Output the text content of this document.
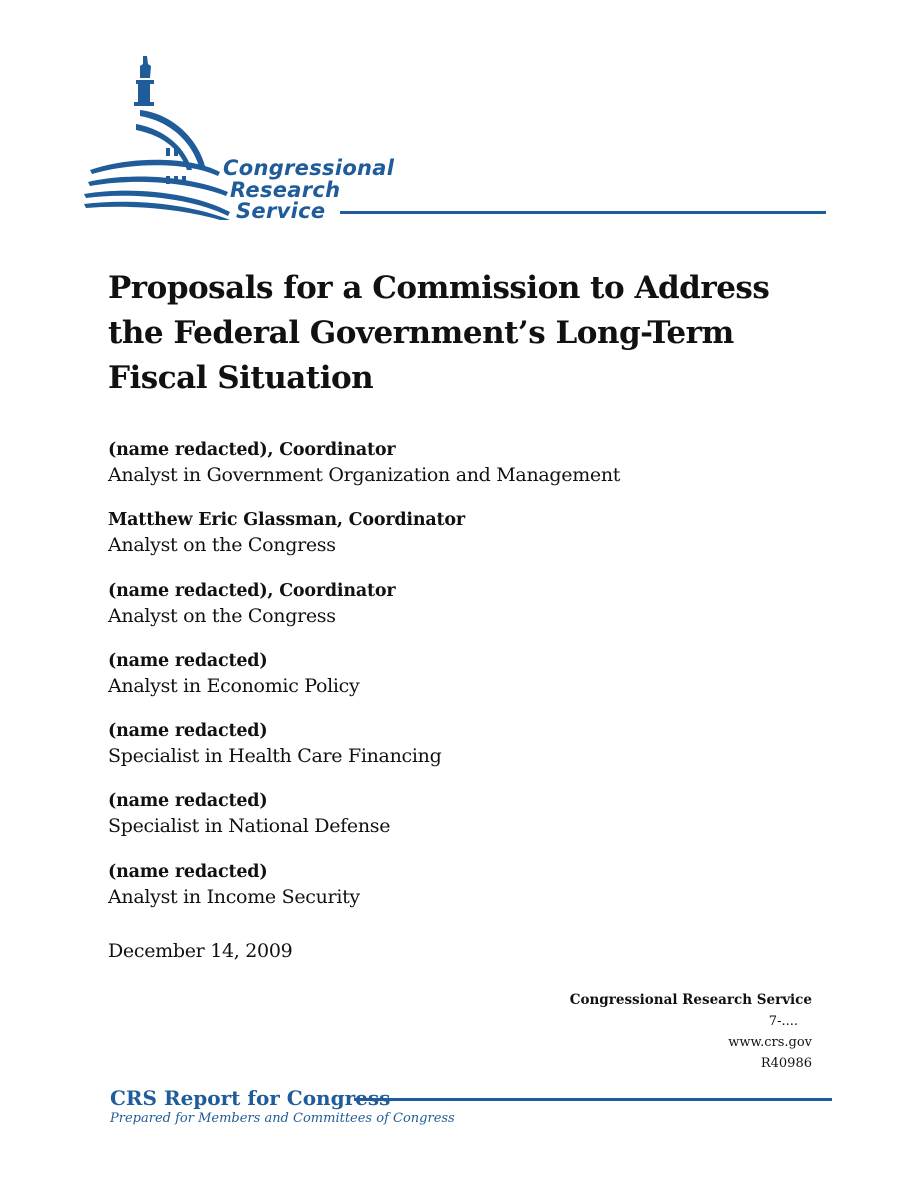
Congressional
Research
Service
Proposals for a Commission to Address the Federal Government’s Long-Term Fiscal Situation
(name redacted), Coordinator
Analyst in Government Organization and Management
Matthew Eric Glassman, Coordinator
Analyst on the Congress
(name redacted), Coordinator
Analyst on the Congress
(name redacted)
Analyst in Economic Policy
(name redacted)
Specialist in Health Care Financing
(name redacted)
Specialist in National Defense
(name redacted)
Analyst in Income Security
December 14, 2009
Congressional Research Service
7-....
www.crs.gov
R40986
CRS Report for Congress
Prepared for Members and Committees of Congress
